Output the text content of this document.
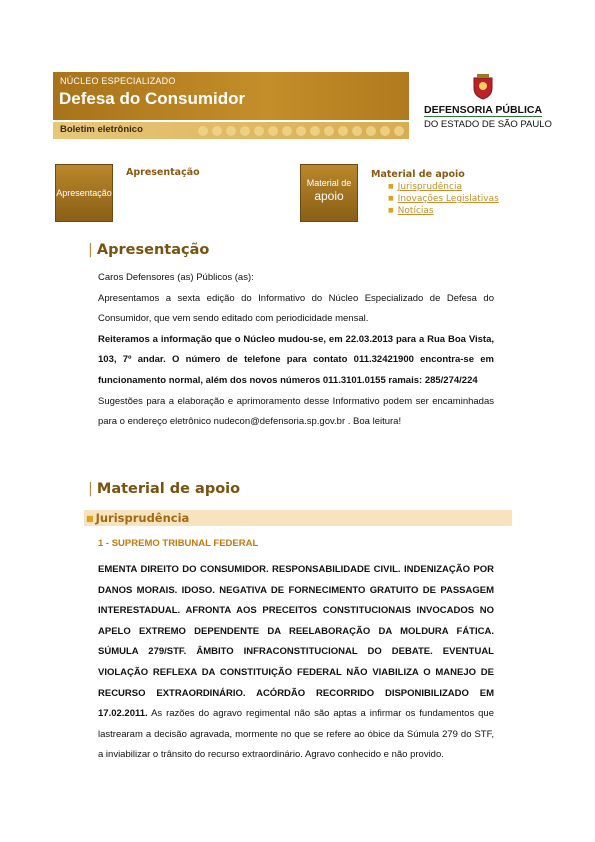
NÚCLEO ESPECIALIZADO
Defesa do Consumidor
Boletim eletrônico
DEFENSORIA PÚBLICA
DO ESTADO DE SÃO PAULO
Apresentação
Apresentação
Material de
apoio
Material de apoio
■ Jurisprudência
■ Inovações Legislativas
■ Notícias
| Apresentação

Caros Defensores (as) Públicos (as):

Apresentamos a sexta edição do Informativo do Núcleo Especializado de Defesa do Consumidor, que vem sendo editado com periodicidade mensal.

Reiteramos a informação que o Núcleo mudou-se, em 22.03.2013 para a Rua Boa Vista, 103, 7º andar. O número de telefone para contato 011.32421900 encontra-se em funcionamento normal, além dos novos números 011.3101.0155 ramais: 285/274/224

Sugestões para a elaboração e aprimoramento desse Informativo podem ser encaminhadas para o endereço eletrônico nudecon@defensoria.sp.gov.br . Boa leitura!

| Material de apoio
■ Jurisprudência
1 - SUPREMO TRIBUNAL FEDERAL

EMENTA DIREITO DO CONSUMIDOR. RESPONSABILIDADE CIVIL. INDENIZAÇÃO POR DANOS MORAIS. IDOSO. NEGATIVA DE FORNECIMENTO GRATUITO DE PASSAGEM INTERESTADUAL. AFRONTA AOS PRECEITOS CONSTITUCIONAIS INVOCADOS NO APELO EXTREMO DEPENDENTE DA REELABORAÇÃO DA MOLDURA FÁTICA. SÚMULA 279/STF. ÂMBITO INFRACONSTITUCIONAL DO DEBATE. EVENTUAL VIOLAÇÃO REFLEXA DA CONSTITUIÇÃO FEDERAL NÃO VIABILIZA O MANEJO DE RECURSO EXTRAORDINÁRIO. ACÓRDÃO RECORRIDO DISPONIBILIZADO EM 17.02.2011. As razões do agravo regimental não são aptas a infirmar os fundamentos que lastrearam a decisão agravada, mormente no que se refere ao óbice da Súmula 279 do STF, a inviabilizar o trânsito do recurso extraordinário. Agravo conhecido e não provido.
